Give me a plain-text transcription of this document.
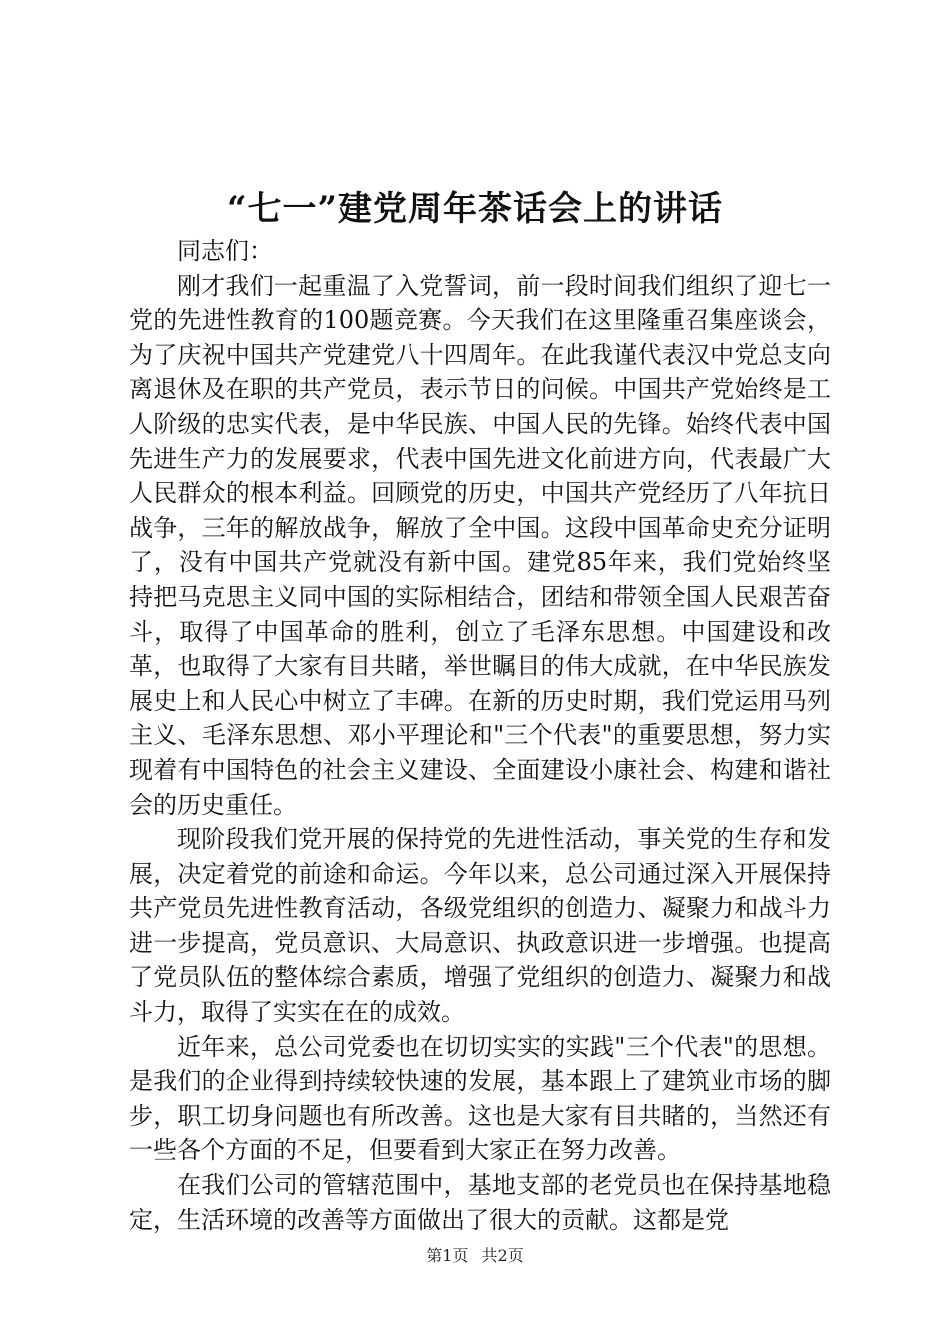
“七一”建党周年茶话会上的讲话

同志们：

刚才我们一起重温了入党誓词，前一段时间我们组织了迎七一党的先进性教育的100题竞赛。今天我们在这里隆重召集座谈会，为了庆祝中国共产党建党八十四周年。在此我谨代表汉中党总支向离退休及在职的共产党员，表示节日的问候。中国共产党始终是工人阶级的忠实代表，是中华民族、中国人民的先锋。始终代表中国先进生产力的发展要求，代表中国先进文化前进方向，代表最广大人民群众的根本利益。回顾党的历史，中国共产党经历了八年抗日战争，三年的解放战争，解放了全中国。这段中国革命史充分证明了，没有中国共产党就没有新中国。建党85年来，我们党始终坚持把马克思主义同中国的实际相结合，团结和带领全国人民艰苦奋斗，取得了中国革命的胜利，创立了毛泽东思想。中国建设和改革，也取得了大家有目共睹，举世瞩目的伟大成就，在中华民族发展史上和人民心中树立了丰碑。在新的历史时期，我们党运用马列主义、毛泽东思想、邓小平理论和"三个代表"的重要思想，努力实现着有中国特色的社会主义建设、全面建设小康社会、构建和谐社会的历史重任。

现阶段我们党开展的保持党的先进性活动，事关党的生存和发展，决定着党的前途和命运。今年以来，总公司通过深入开展保持共产党员先进性教育活动，各级党组织的创造力、凝聚力和战斗力进一步提高，党员意识、大局意识、执政意识进一步增强。也提高了党员队伍的整体综合素质，增强了党组织的创造力、凝聚力和战斗力，取得了实实在在的成效。

近年来，总公司党委也在切切实实的实践"三个代表"的思想。是我们的企业得到持续较快速的发展，基本跟上了建筑业市场的脚步，职工切身问题也有所改善。这也是大家有目共睹的，当然还有一些各个方面的不足，但要看到大家正在努力改善。

在我们公司的管辖范围中，基地支部的老党员也在保持基地稳定，生活环境的改善等方面做出了很大的贡献。这都是党

第1页 共2页
